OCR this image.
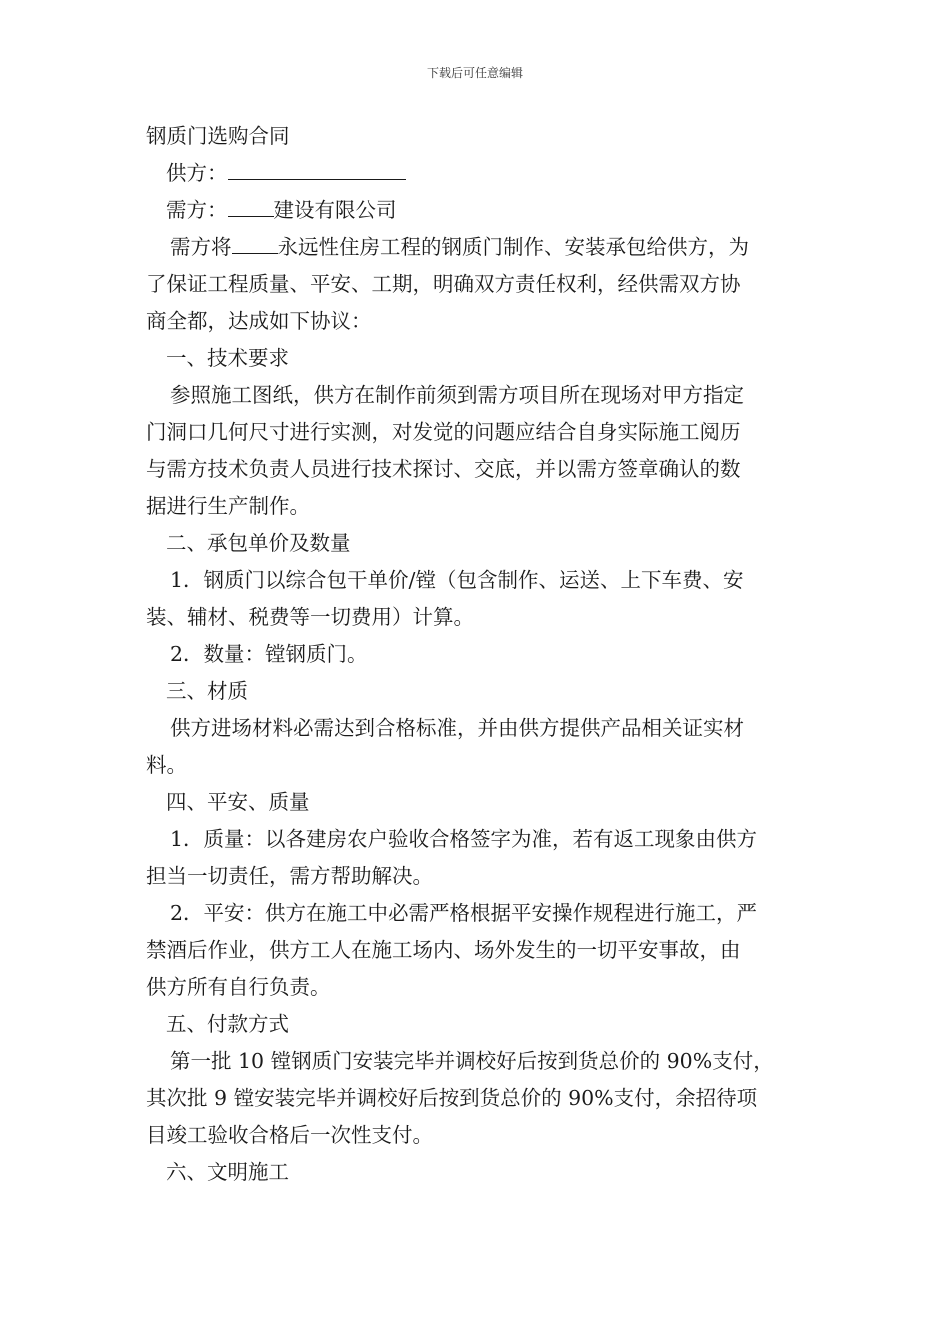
下载后可任意编辑
钢质门选购合同
供方：
需方： 建设有限公司
需方将 永远性住房工程的钢质门制作、安装承包给供方，为
了保证工程质量、平安、工期，明确双方责任权利，经供需双方协
商全都，达成如下协议：
一、技术要求
参照施工图纸，供方在制作前须到需方项目所在现场对甲方指定
门洞口几何尺寸进行实测，对发觉的问题应结合自身实际施工阅历
与需方技术负责人员进行技术探讨、交底，并以需方签章确认的数
据进行生产制作。
二、承包单价及数量
1．钢质门以综合包干单价/镗（包含制作、运送、上下车费、安
装、辅材、税费等一切费用）计算。
2．数量：镗钢质门。
三、材质
供方进场材料必需达到合格标准，并由供方提供产品相关证实材
料。
四、平安、质量
1．质量：以各建房农户验收合格签字为准，若有返工现象由供方
担当一切责任，需方帮助解决。
2．平安：供方在施工中必需严格根据平安操作规程进行施工，严
禁酒后作业，供方工人在施工场内、场外发生的一切平安事故，由
供方所有自行负责。
五、付款方式
第一批 10 镗钢质门安装完毕并调校好后按到货总价的 90%支付，
其次批 9 镗安装完毕并调校好后按到货总价的 90%支付，余招待项
目竣工验收合格后一次性支付。
六、文明施工
